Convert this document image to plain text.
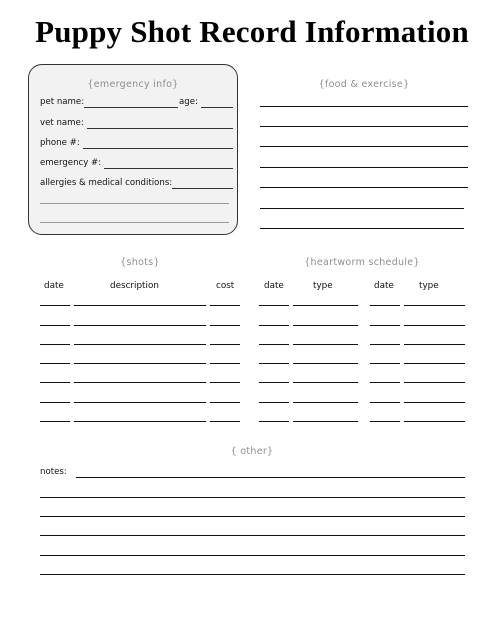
Puppy Shot Record Information
{emergency info}
pet name:	age:
vet name:
phone #:
emergency #:
allergies & medical conditions:
{food & exercise}
{shots}
date	description	cost
{heartworm schedule}
date	type	date	type
{ other}
notes:
